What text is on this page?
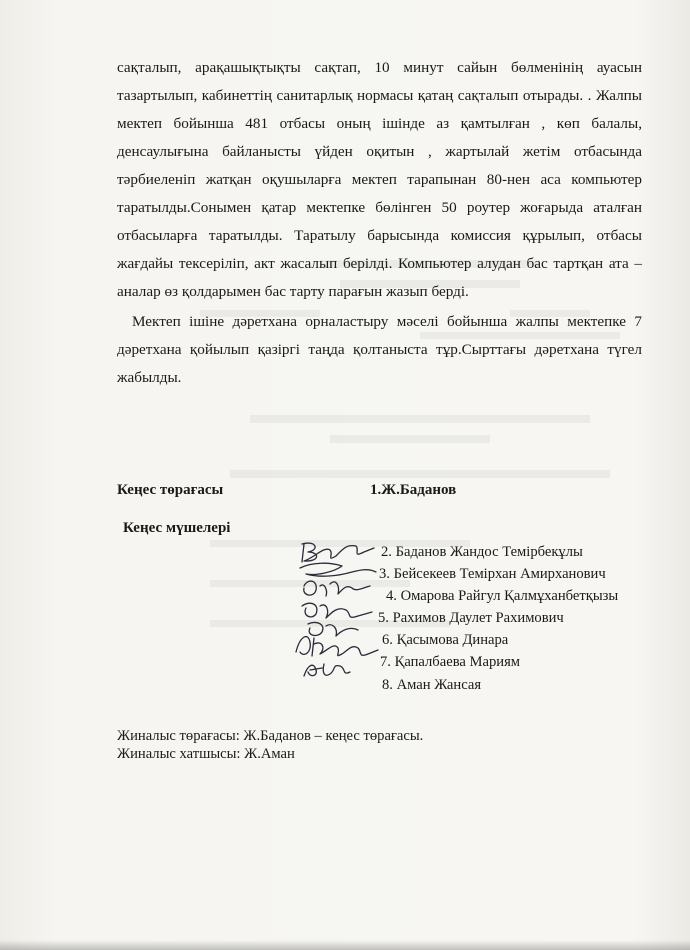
сақталып, арақашықтықты сақтап, 10 минут сайын бөлменінің ауасын тазартылып, кабинеттің санитарлық нормасы қатаң сақталып отырады. . Жалпы мектеп бойынша 481 отбасы оның ішінде аз қамтылған , көп балалы, денсаулығына байланысты үйден оқитын , жартылай жетім отбасында тәрбиеленіп жатқан оқушыларға мектеп тарапынан 80-нен аса компьютер таратылды.Сонымен қатар мектепке бөлінген 50 роутер жоғарыда аталған отбасыларға таратылды. Таратылу барысында комиссия құрылып, отбасы жағдайы тексеріліп, акт жасалып берілді. Компьютер алудан бас тартқан ата – аналар өз қолдарымен бас тарту парағын жазып берді.

Мектеп ішіне дәретхана орналастыру мәселі бойынша жалпы мектепке 7 дәретхана қойылып қазіргі таңда қолтаныста тұр.Сырттағы дәретхана түгел жабылды.

Кеңес төрағасы	1.Ж.Баданов
Кеңес мүшелері
2. Баданов Жандос Темірбекұлы
3. Бейсекеев Темірхан Амирханович
4. Омарова Райгул Қалмұханбетқызы
5. Рахимов Даулет Рахимович
6. Қасымова Динара
7. Қапалбаева Мариям
8. Аман Жансая
Жиналыс төрағасы: Ж.Баданов – кеңес төрағасы.
Жиналыс хатшысы: Ж.Аман
